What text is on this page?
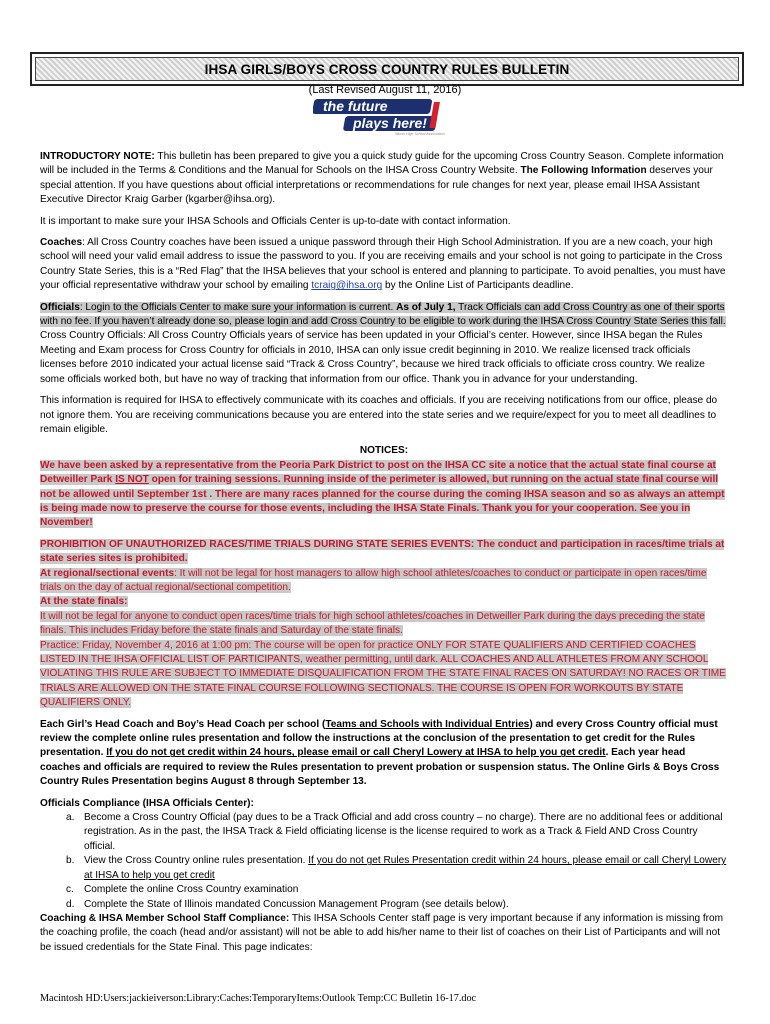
IHSA GIRLS/BOYS CROSS COUNTRY RULES BULLETIN
(Last Revised August 11, 2016)
the future
plays here!
Illinois High School Association

INTRODUCTORY NOTE: This bulletin has been prepared to give you a quick study guide for the upcoming Cross Country Season. Complete information will be included in the Terms & Conditions and the Manual for Schools on the IHSA Cross Country Website. The Following Information deserves your special attention. If you have questions about official interpretations or recommendations for rule changes for next year, please email IHSA Assistant Executive Director Kraig Garber (kgarber@ihsa.org).

It is important to make sure your IHSA Schools and Officials Center is up-to-date with contact information.

Coaches: All Cross Country coaches have been issued a unique password through their High School Administration. If you are a new coach, your high school will need your valid email address to issue the password to you. If you are receiving emails and your school is not going to participate in the Cross Country State Series, this is a “Red Flag” that the IHSA believes that your school is entered and planning to participate. To avoid penalties, you must have your official representative withdraw your school by emailing tcraig@ihsa.org by the Online List of Participants deadline.

Officials: Login to the Officials Center to make sure your information is current. As of July 1, Track Officials can add Cross Country as one of their sports with no fee. If you haven’t already done so, please login and add Cross Country to be eligible to work during the IHSA Cross Country State Series this fall.

Cross Country Officials: All Cross Country Officials years of service has been updated in your Official’s center. However, since IHSA began the Rules Meeting and Exam process for Cross Country for officials in 2010, IHSA can only issue credit beginning in 2010. We realize licensed track officials licenses before 2010 indicated your actual license said “Track & Cross Country”, because we hired track officials to officiate cross country. We realize some officials worked both, but have no way of tracking that information from our office. Thank you in advance for your understanding.

This information is required for IHSA to effectively communicate with its coaches and officials. If you are receiving notifications from our office, please do not ignore them. You are receiving communications because you are entered into the state series and we require/expect for you to meet all deadlines to remain eligible.

NOTICES:

We have been asked by a representative from the Peoria Park District to post on the IHSA CC site a notice that the actual state final course at Detweiller Park IS NOT open for training sessions. Running inside of the perimeter is allowed, but running on the actual state final course will not be allowed until September 1st . There are many races planned for the course during the coming IHSA season and so as always an attempt is being made now to preserve the course for those events, including the IHSA State Finals. Thank you for your cooperation. See you in November!

PROHIBITION OF UNAUTHORIZED RACES/TIME TRIALS DURING STATE SERIES EVENTS: The conduct and participation in races/time trials at state series sites is prohibited.

At regional/sectional events: It will not be legal for host managers to allow high school athletes/coaches to conduct or participate in open races/time trials on the day of actual regional/sectional competition.

At the state finals:

It will not be legal for anyone to conduct open races/time trials for high school athletes/coaches in Detweiller Park during the days preceding the state finals. This includes Friday before the state finals and Saturday of the state finals.

Practice: Friday, November 4, 2016 at 1:00 pm: The course will be open for practice ONLY FOR STATE QUALIFIERS AND CERTIFIED COACHES LISTED IN THE IHSA OFFICIAL LIST OF PARTICIPANTS, weather permitting, until dark. ALL COACHES AND ALL ATHLETES FROM ANY SCHOOL VIOLATING THIS RULE ARE SUBJECT TO IMMEDIATE DISQUALIFICATION FROM THE STATE FINAL RACES ON SATURDAY! NO RACES OR TIME TRIALS ARE ALLOWED ON THE STATE FINAL COURSE FOLLOWING SECTIONALS. THE COURSE IS OPEN FOR WORKOUTS BY STATE QUALIFIERS ONLY.

Each Girl’s Head Coach and Boy’s Head Coach per school (Teams and Schools with Individual Entries) and every Cross Country official must review the complete online rules presentation and follow the instructions at the conclusion of the presentation to get credit for the Rules presentation. If you do not get credit within 24 hours, please email or call Cheryl Lowery at IHSA to help you get credit. Each year head coaches and officials are required to review the Rules presentation to prevent probation or suspension status. The Online Girls & Boys Cross Country Rules Presentation begins August 8 through September 13.

Officials Compliance (IHSA Officials Center):

a. Become a Cross Country Official (pay dues to be a Track Official and add cross country – no charge). There are no additional fees or additional registration. As in the past, the IHSA Track & Field officiating license is the license required to work as a Track & Field AND Cross Country official.
b. View the Cross Country online rules presentation. If you do not get Rules Presentation credit within 24 hours, please email or call Cheryl Lowery at IHSA to help you get credit
c. Complete the online Cross Country examination
d. Complete the State of Illinois mandated Concussion Management Program (see details below).

Coaching & IHSA Member School Staff Compliance: This IHSA Schools Center staff page is very important because if any information is missing from the coaching profile, the coach (head and/or assistant) will not be able to add his/her name to their list of coaches on their List of Participants and will not be issued credentials for the State Final. This page indicates:

Macintosh HD:Users:jackieiverson:Library:Caches:TemporaryItems:Outlook Temp:CC Bulletin 16-17.doc
